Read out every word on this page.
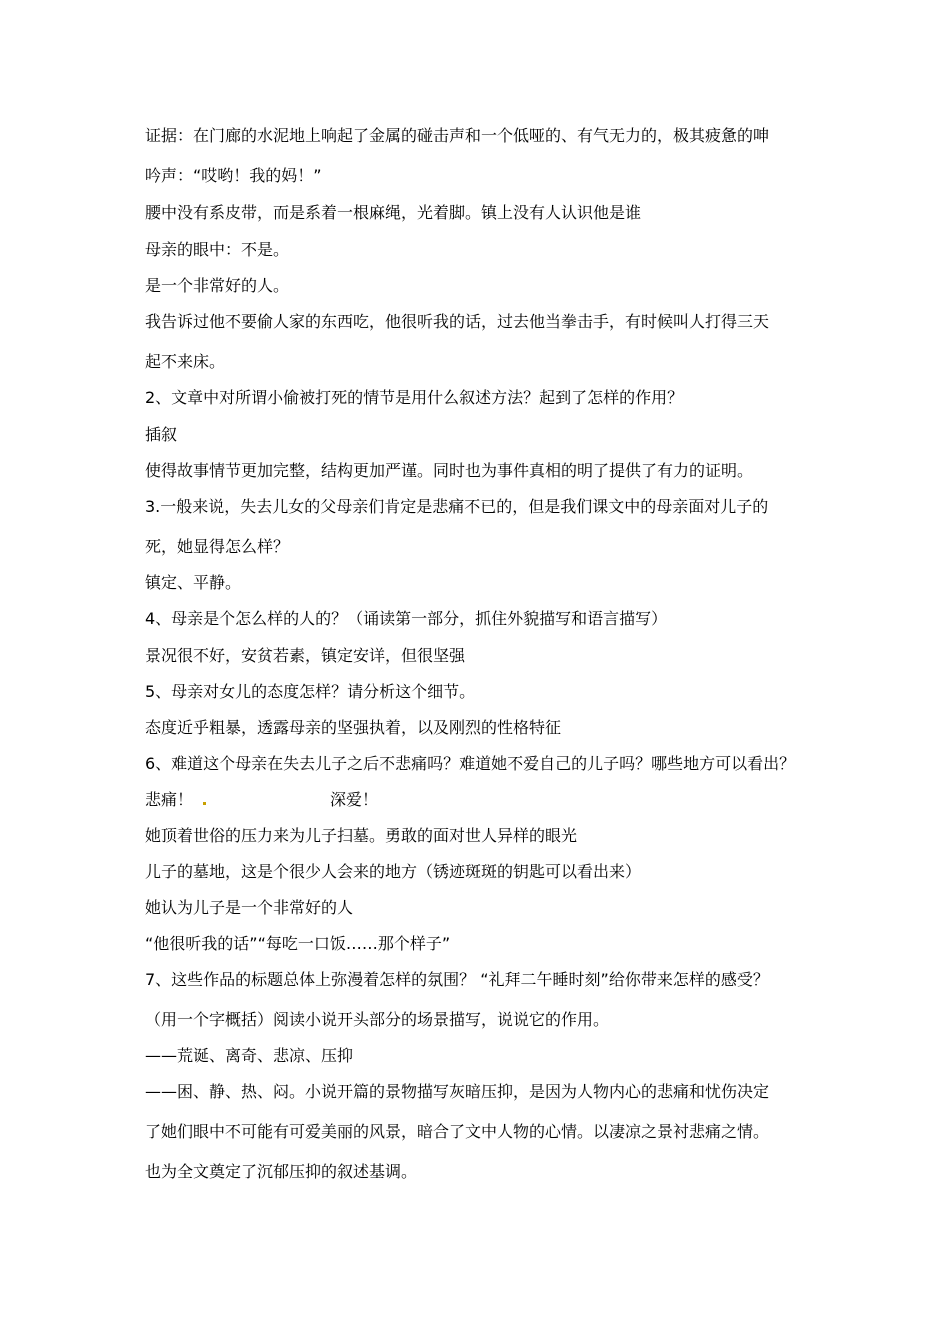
证据：在门廊的水泥地上响起了金属的碰击声和一个低哑的、有气无力的，极其疲惫的呻
吟声：“哎哟！我的妈！”
腰中没有系皮带，而是系着一根麻绳，光着脚。镇上没有人认识他是谁
母亲的眼中：不是。
是一个非常好的人。
我告诉过他不要偷人家的东西吃，他很听我的话，过去他当拳击手，有时候叫人打得三天
起不来床。
2、文章中对所谓小偷被打死的情节是用什么叙述方法？起到了怎样的作用？
插叙
使得故事情节更加完整，结构更加严谨。同时也为事件真相的明了提供了有力的证明。
3.一般来说，失去儿女的父母亲们肯定是悲痛不已的，但是我们课文中的母亲面对儿子的
死，她显得怎么样？
镇定、平静。
4、母亲是个怎么样的人的？（诵读第一部分，抓住外貌描写和语言描写）
景况很不好，安贫若素，镇定安详，但很坚强
5、母亲对女儿的态度怎样？请分析这个细节。
态度近乎粗暴，透露母亲的坚强执着，以及刚烈的性格特征
6、难道这个母亲在失去儿子之后不悲痛吗？难道她不爱自己的儿子吗？哪些地方可以看出？
悲痛！	深爱！
她顶着世俗的压力来为儿子扫墓。勇敢的面对世人异样的眼光
儿子的墓地，这是个很少人会来的地方（锈迹斑斑的钥匙可以看出来）
她认为儿子是一个非常好的人
“他很听我的话”“每吃一口饭……那个样子”
7、这些作品的标题总体上弥漫着怎样的氛围？ “礼拜二午睡时刻”给你带来怎样的感受？
（用一个字概括）阅读小说开头部分的场景描写，说说它的作用。
——荒诞、离奇、悲凉、压抑
——困、静、热、闷。小说开篇的景物描写灰暗压抑，是因为人物内心的悲痛和忧伤决定
了她们眼中不可能有可爱美丽的风景，暗合了文中人物的心情。以凄凉之景衬悲痛之情。
也为全文奠定了沉郁压抑的叙述基调。
